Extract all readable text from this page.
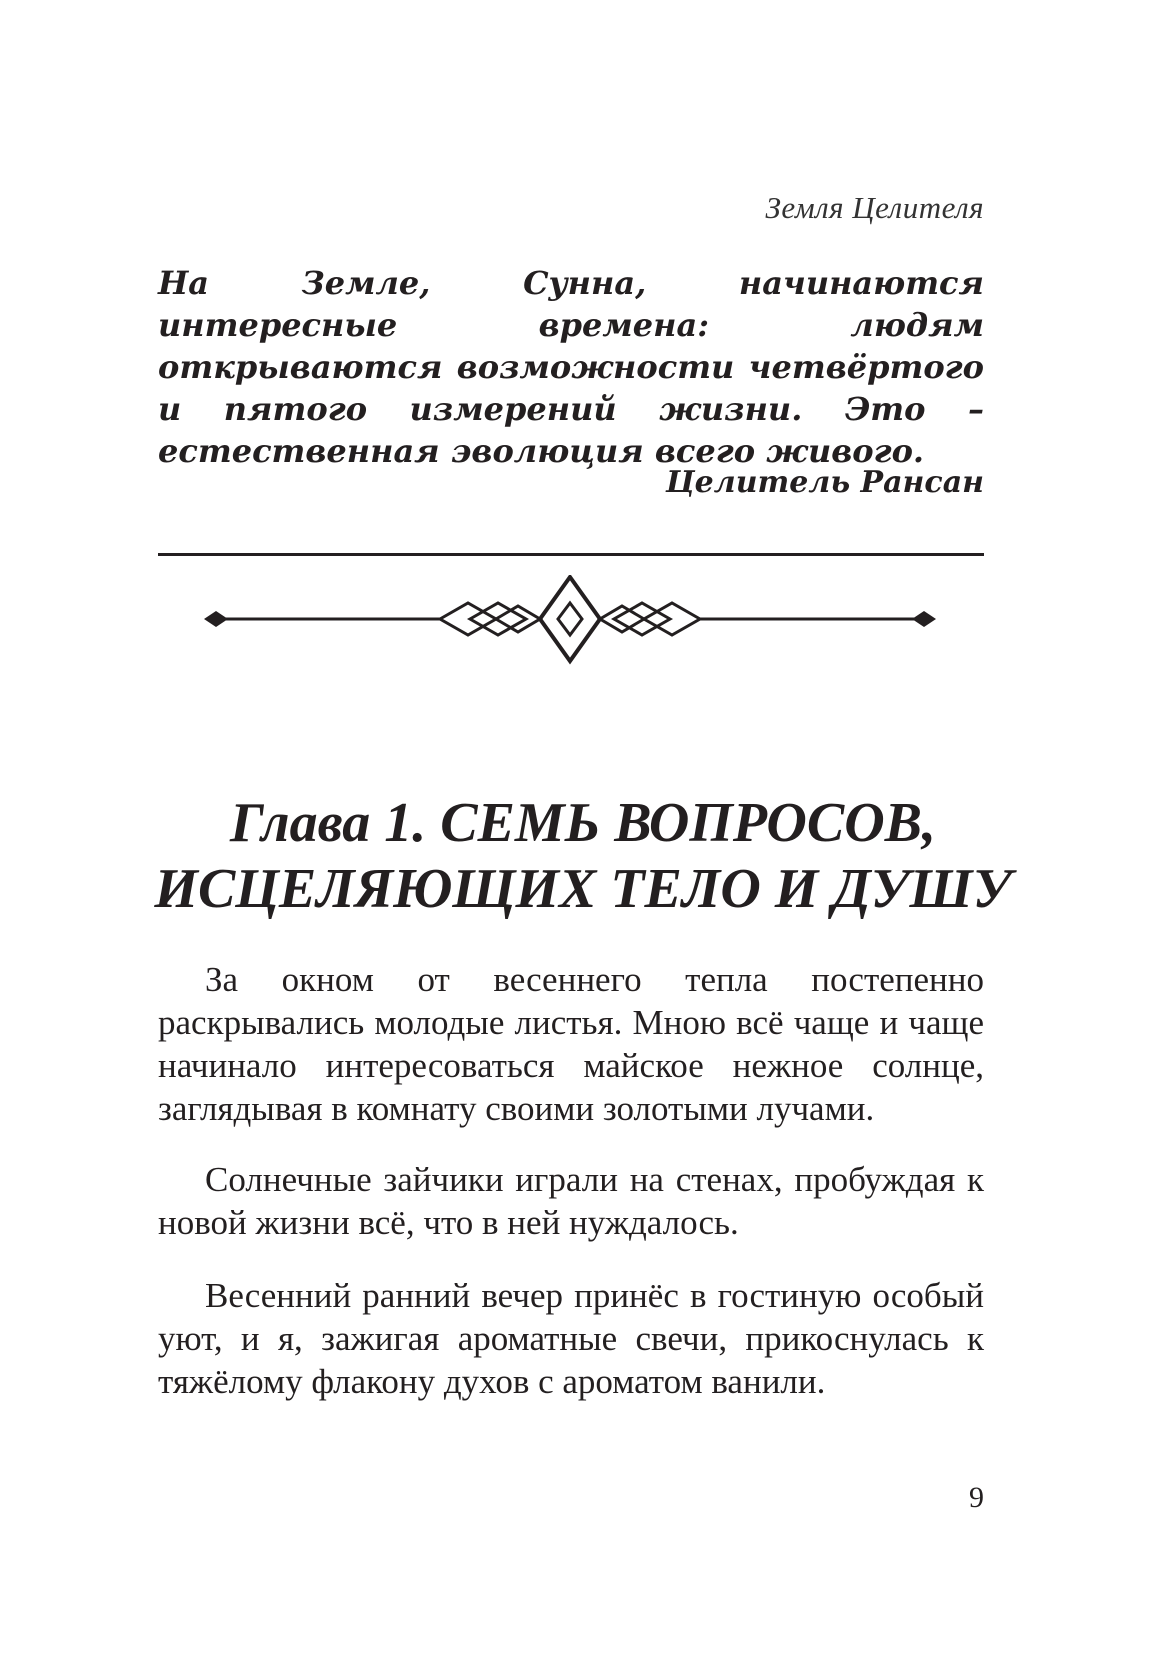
Земля Целителя

На Земле, Сунна, начинаются интересные времена: людям открываются возможности четвёртого и пятого измерений жизни. Это – естественная эволюция всего живого.

Целитель Рансан
Глава 1. СЕМЬ ВОПРОСОВ,
ИСЦЕЛЯЮЩИХ ТЕЛО И ДУШУ

За окном от весеннего тепла постепенно раскрывались молодые листья. Мною всё чаще и чаще начинало интересоваться майское нежное солнце, заглядывая в комнату своими золотыми лучами.

Солнечные зайчики играли на стенах, пробуждая к новой жизни всё, что в ней нуждалось.

Весенний ранний вечер принёс в гостиную особый уют, и я, зажигая ароматные свечи, прикоснулась к тяжёлому флакону духов с ароматом ванили.

9
